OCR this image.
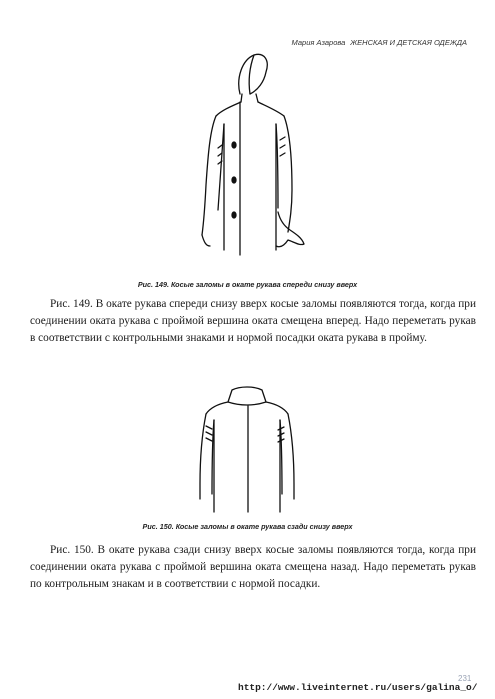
Мария Азарова ЖЕНСКАЯ И ДЕТСКАЯ ОДЕЖДА
Рис. 149. Косые заломы в окате рукава спереди снизу вверх

Рис. 149. В окате рукава спереди снизу вверх косые заломы появляются тогда, когда при соединении оката рукава с проймой вершина оката смещена вперед. Надо переметать рукав в соответствии с контрольными знаками и нормой посадки оката рукава в пройму.

Рис. 150. Косые заломы в окате рукава сзади снизу вверх

Рис. 150. В окате рукава сзади снизу вверх косые заломы появляются тогда, когда при соединении оката рукава с проймой вершина оката смещена назад. Надо переметать рукав по контрольным знакам и в соответствии с нормой посадки.

231
http://www.liveinternet.ru/users/galina_o/
